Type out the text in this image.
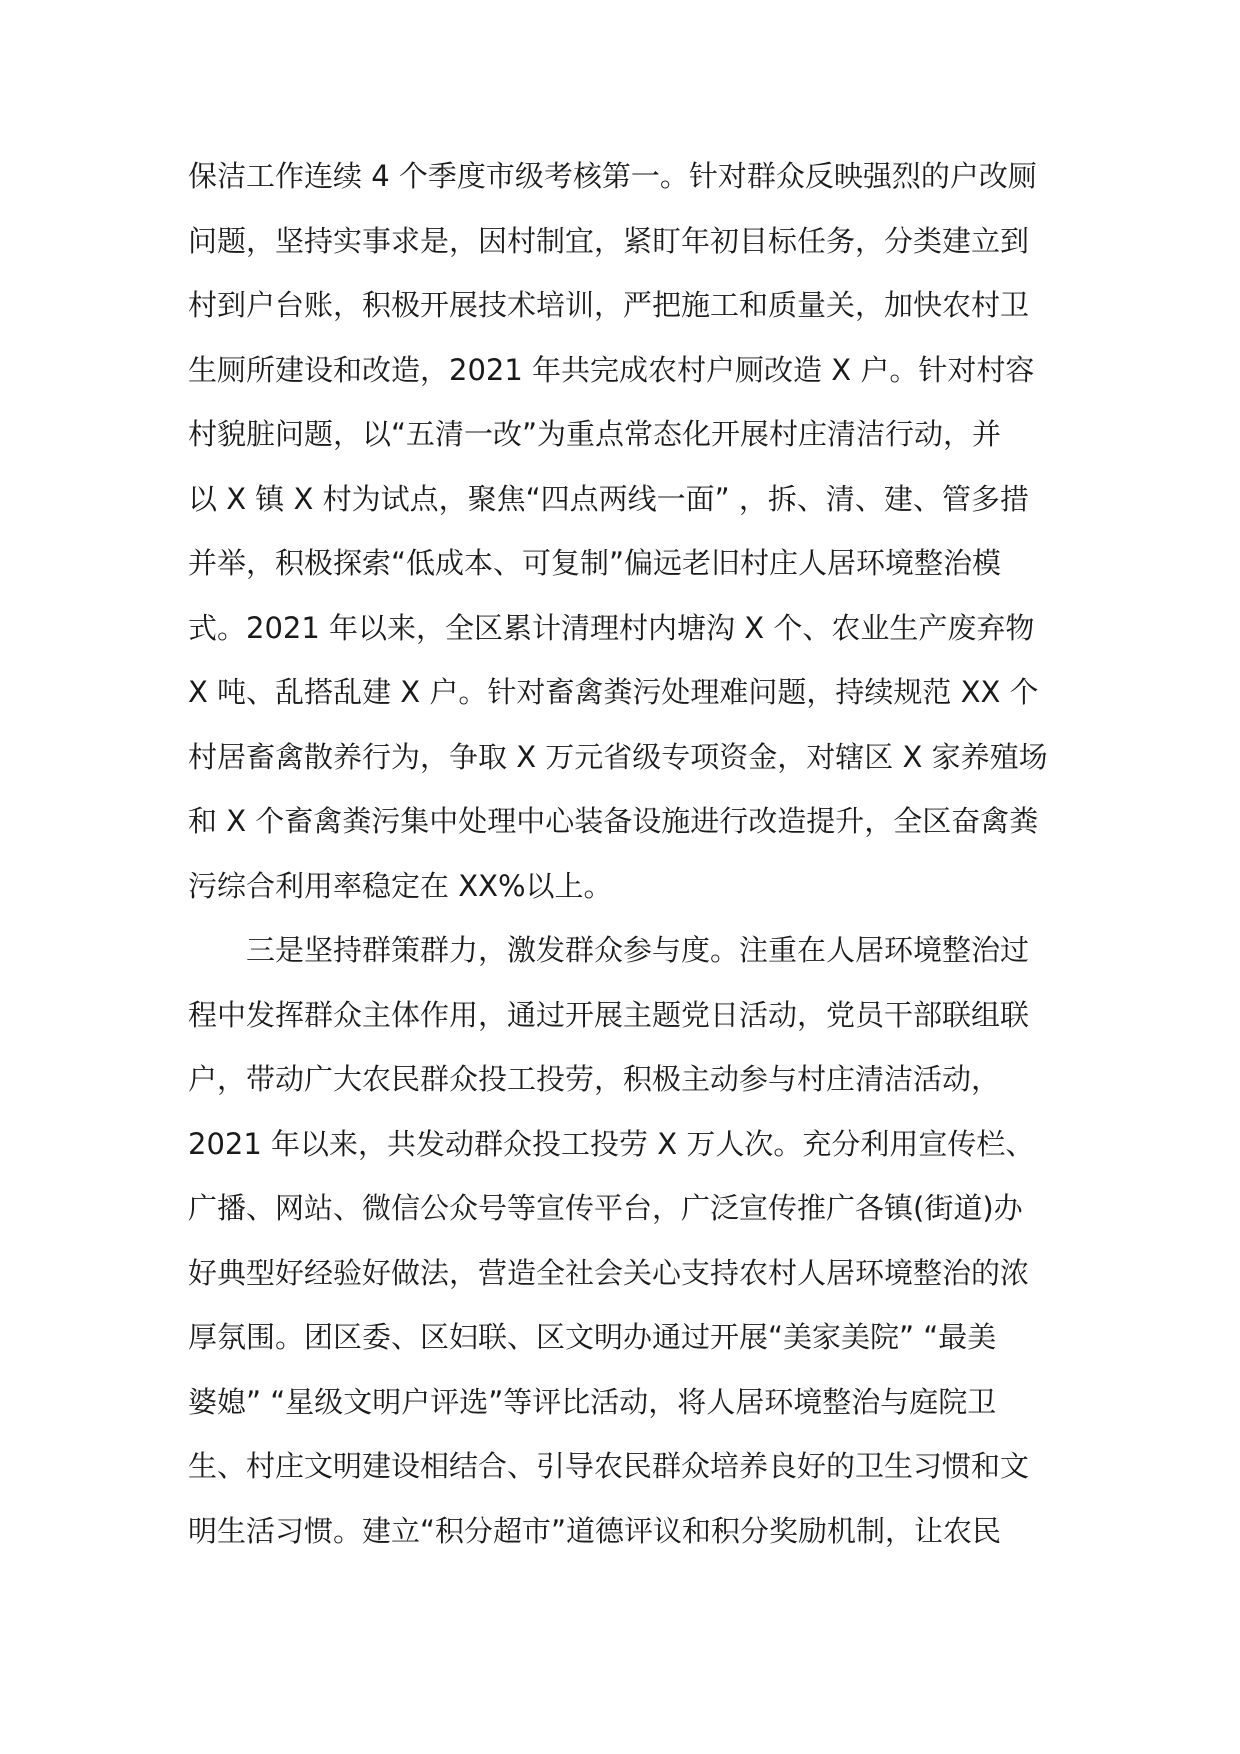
保洁工作连续 4 个季度市级考核第一。针对群众反映强烈的户改厕
问题，坚持实事求是，因村制宜，紧盯年初目标任务，分类建立到
村到户台账，积极开展技术培训，严把施工和质量关，加快农村卫
生厕所建设和改造，2021 年共完成农村户厕改造 X 户。针对村容
村貌脏问题，以“五清一改”为重点常态化开展村庄清洁行动，并
以 X 镇 X 村为试点，聚焦“四点两线一面” ，拆、清、建、管多措
并举，积极探索“低成本、可复制”偏远老旧村庄人居环境整治模
式。2021 年以来，全区累计清理村内塘沟 X 个、农业生产废弃物
X 吨、乱搭乱建 X 户。针对畜禽粪污处理难问题，持续规范 XX 个
村居畜禽散养行为，争取 X 万元省级专项资金，对辖区 X 家养殖场
和 X 个畜禽粪污集中处理中心装备设施进行改造提升，全区奋禽粪
污综合利用率稳定在 XX%以上。
三是坚持群策群力，激发群众参与度。注重在人居环境整治过
程中发挥群众主体作用，通过开展主题党日活动，党员干部联组联
户，带动广大农民群众投工投劳，积极主动参与村庄清洁活动，
2021 年以来，共发动群众投工投劳 X 万人次。充分利用宣传栏、
广播、网站、微信公众号等宣传平台，广泛宣传推广各镇(街道)办
好典型好经验好做法，营造全社会关心支持农村人居环境整治的浓
厚氛围。团区委、区妇联、区文明办通过开展“美家美院” “最美
婆媳” “星级文明户评选”等评比活动，将人居环境整治与庭院卫
生、村庄文明建设相结合、引导农民群众培养良好的卫生习惯和文
明生活习惯。建立“积分超市”道德评议和积分奖励机制，让农民
